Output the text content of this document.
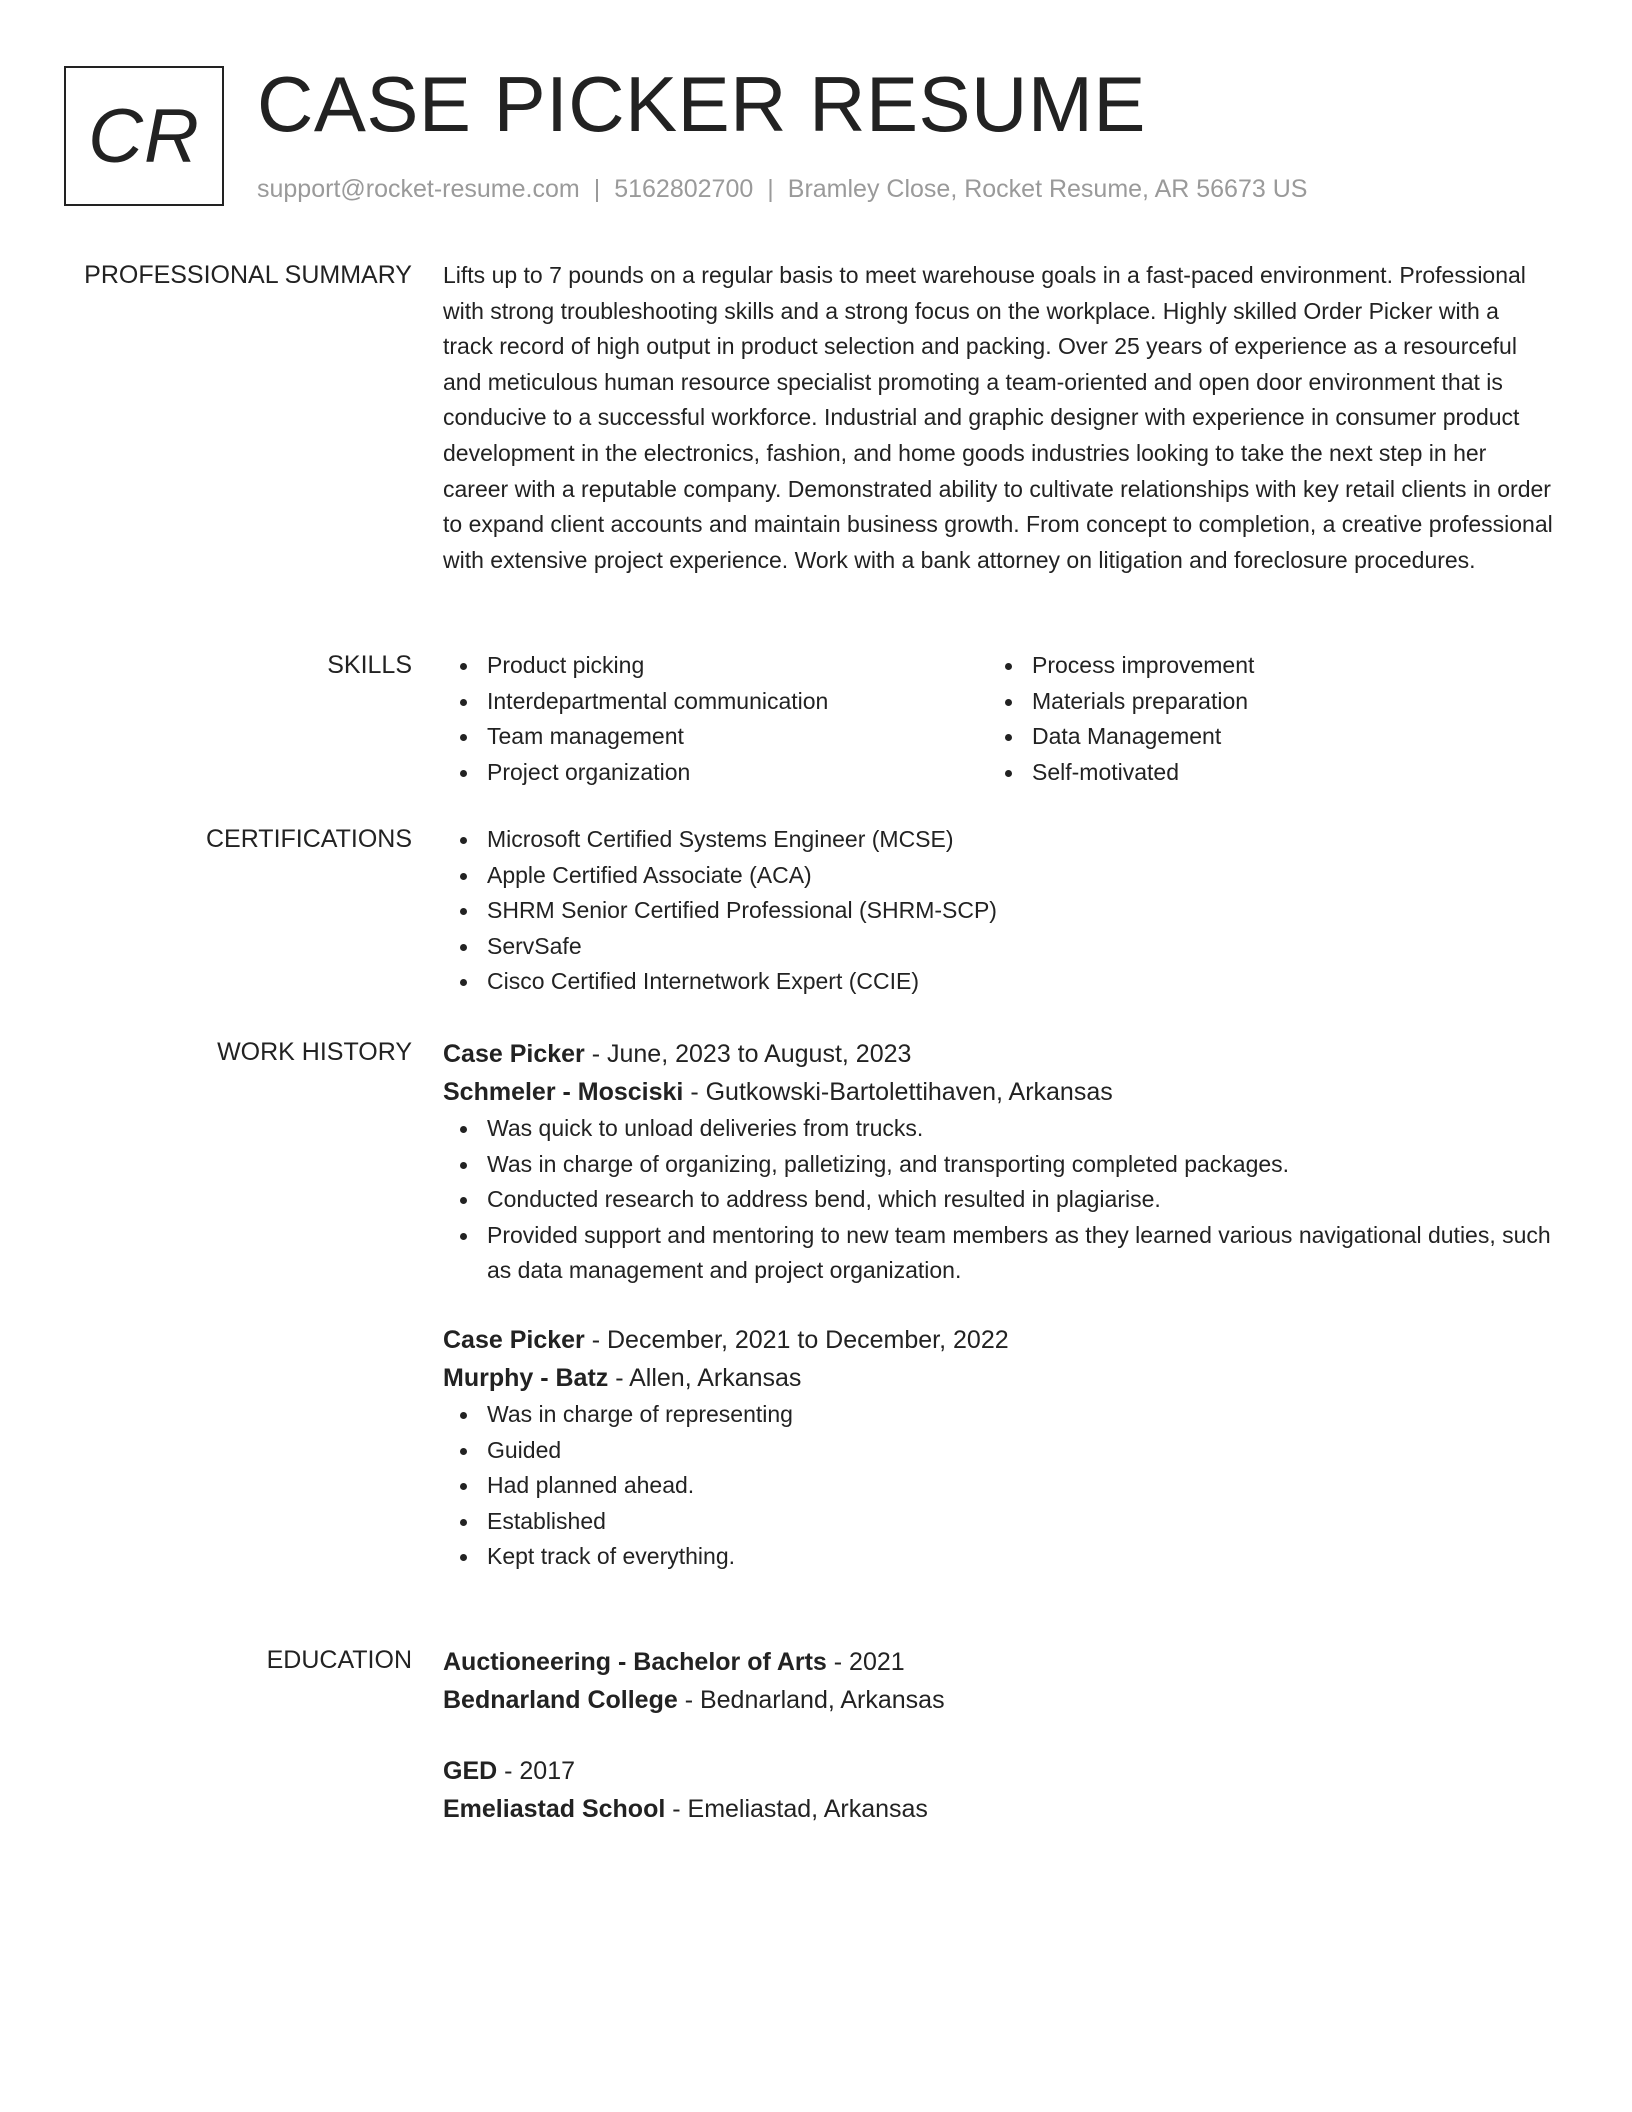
CR CASE PICKER RESUME
support@rocket-resume.com | 5162802700 | Bramley Close, Rocket Resume, AR 56673 US
PROFESSIONAL SUMMARY Lifts up to 7 pounds on a regular basis to meet warehouse goals in a fast-paced environment. Professional with strong troubleshooting skills and a strong focus on the workplace. Highly skilled Order Picker with a track record of high output in product selection and packing. Over 25 years of experience as a resourceful and meticulous human resource specialist promoting a team-oriented and open door environment that is conducive to a successful workforce. Industrial and graphic designer with experience in consumer product development in the electronics, fashion, and home goods industries looking to take the next step in her career with a reputable company. Demonstrated ability to cultivate relationships with key retail clients in order to expand client accounts and maintain business growth. From concept to completion, a creative professional with extensive project experience. Work with a bank attorney on litigation and foreclosure procedures.

SKILLS	Product picking
Interdepartmental communication
Team management
Project organization
Process improvement
Materials preparation
Data Management
Self-motivated
CERTIFICATIONS	Microsoft Certified Systems Engineer (MCSE)
Apple Certified Associate (ACA)
SHRM Senior Certified Professional (SHRM-SCP)
ServSafe
Cisco Certified Internetwork Expert (CCIE)
WORK HISTORY Case Picker - June, 2023 to August, 2023
Schmeler - Mosciski - Gutkowski-Bartolettihaven, Arkansas
Was quick to unload deliveries from trucks.
Was in charge of organizing, palletizing, and transporting completed packages.
Conducted research to address bend, which resulted in plagiarise.
Provided support and mentoring to new team members as they learned various navigational duties, such as data management and project organization.
Case Picker - December, 2021 to December, 2022
Murphy - Batz - Allen, Arkansas
Was in charge of representing
Guided
Had planned ahead.
Established
Kept track of everything.
EDUCATION Auctioneering - Bachelor of Arts - 2021
Bednarland College - Bednarland, Arkansas
GED - 2017
Emeliastad School - Emeliastad, Arkansas
